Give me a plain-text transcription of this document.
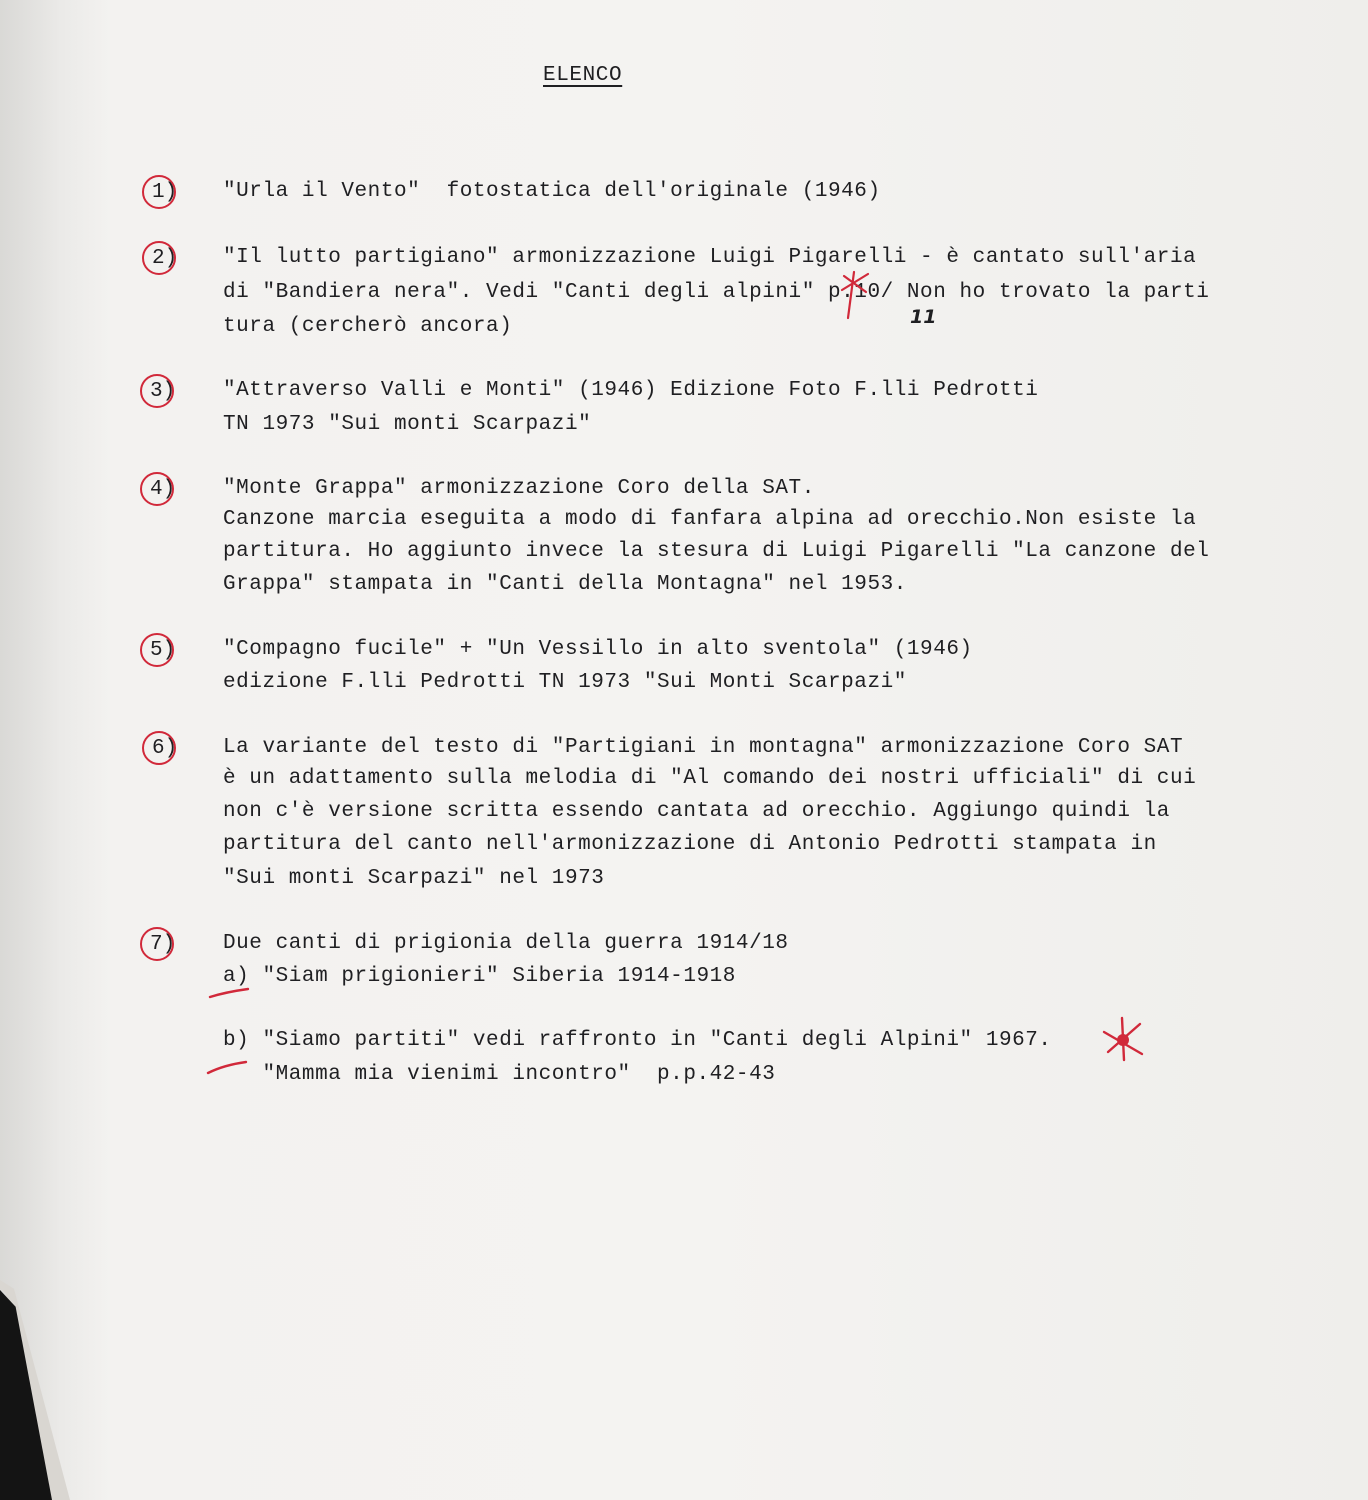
ELENCO
1) "Urla il Vento"  fotostatica dell'originale (1946)
2) "Il lutto partigiano" armonizzazione Luigi Pigarelli - è cantato sull'aria
di "Bandiera nera". Vedi "Canti degli alpini" p.10/ Non ho trovato la parti
tura (cercherò ancora)
3) "Attraverso Valli e Monti" (1946) Edizione Foto F.lli Pedrotti
TN 1973 "Sui monti Scarpazi"
4) "Monte Grappa" armonizzazione Coro della SAT.
Canzone marcia eseguita a modo di fanfara alpina ad orecchio.Non esiste la
partitura. Ho aggiunto invece la stesura di Luigi Pigarelli "La canzone del
Grappa" stampata in "Canti della Montagna" nel 1953.
5) "Compagno fucile" + "Un Vessillo in alto sventola" (1946)
edizione F.lli Pedrotti TN 1973 "Sui Monti Scarpazi"
6) La variante del testo di "Partigiani in montagna" armonizzazione Coro SAT
è un adattamento sulla melodia di "Al comando dei nostri ufficiali" di cui
non c'è versione scritta essendo cantata ad orecchio. Aggiungo quindi la
partitura del canto nell'armonizzazione di Antonio Pedrotti stampata in
"Sui monti Scarpazi" nel 1973
7) Due canti di prigionia della guerra 1914/18
a) "Siam prigionieri" Siberia 1914-1918
b) "Siamo partiti" vedi raffronto in "Canti degli Alpini" 1967.
"Mamma mia vienimi incontro"  p.p.42-43
11
